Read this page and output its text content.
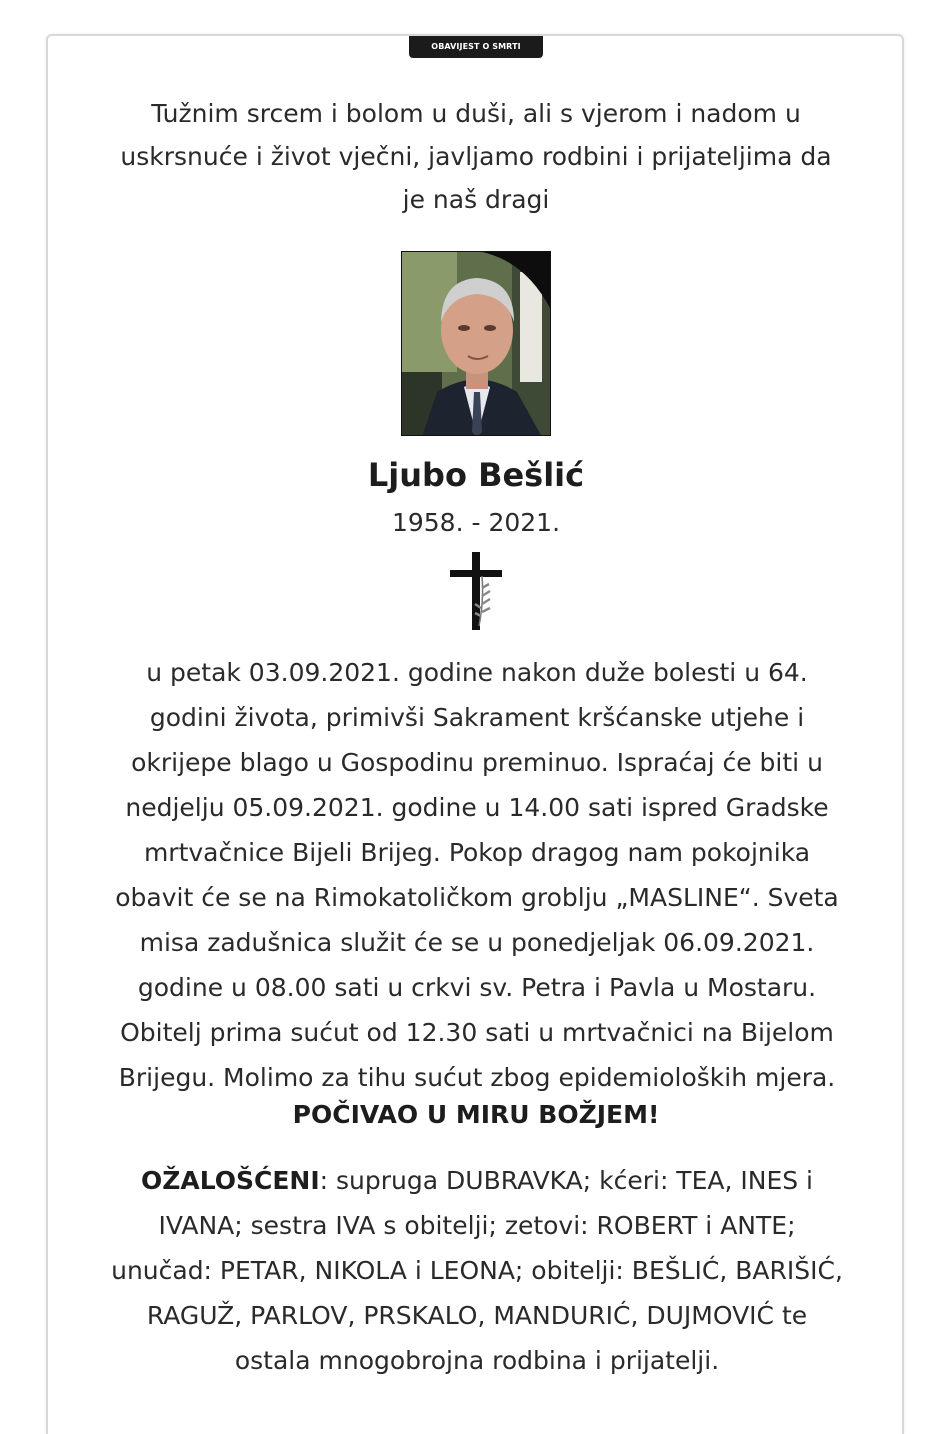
OBAVIJEST O SMRTI
Tužnim srcem i bolom u duši, ali s vjerom i nadom u
uskrsnuće i život vječni, javljamo rodbini i prijateljima da
je naš dragi
Ljubo Bešlić
1958. - 2021.
u petak 03.09.2021. godine nakon duže bolesti u 64.
godini života, primivši Sakrament kršćanske utjehe i
okrijepe blago u Gospodinu preminuo. Ispraćaj će biti u
nedjelju 05.09.2021. godine u 14.00 sati ispred Gradske
mrtvačnice Bijeli Brijeg. Pokop dragog nam pokojnika
obavit će se na Rimokatoličkom groblju „MASLINE“. Sveta
misa zadušnica služit će se u ponedjeljak 06.09.2021.
godine u 08.00 sati u crkvi sv. Petra i Pavla u Mostaru.
Obitelj prima sućut od 12.30 sati u mrtvačnici na Bijelom
Brijegu. Molimo za tihu sućut zbog epidemioloških mjera.
POČIVAO U MIRU BOŽJEM!
OŽALOŠĆENI: supruga DUBRAVKA; kćeri: TEA, INES i
IVANA; sestra IVA s obitelji; zetovi: ROBERT i ANTE;
unučad: PETAR, NIKOLA i LEONA; obitelji: BEŠLIĆ, BARIŠIĆ,
RAGUŽ, PARLOV, PRSKALO, MANDURIĆ, DUJMOVIĆ te
ostala mnogobrojna rodbina i prijatelji.
